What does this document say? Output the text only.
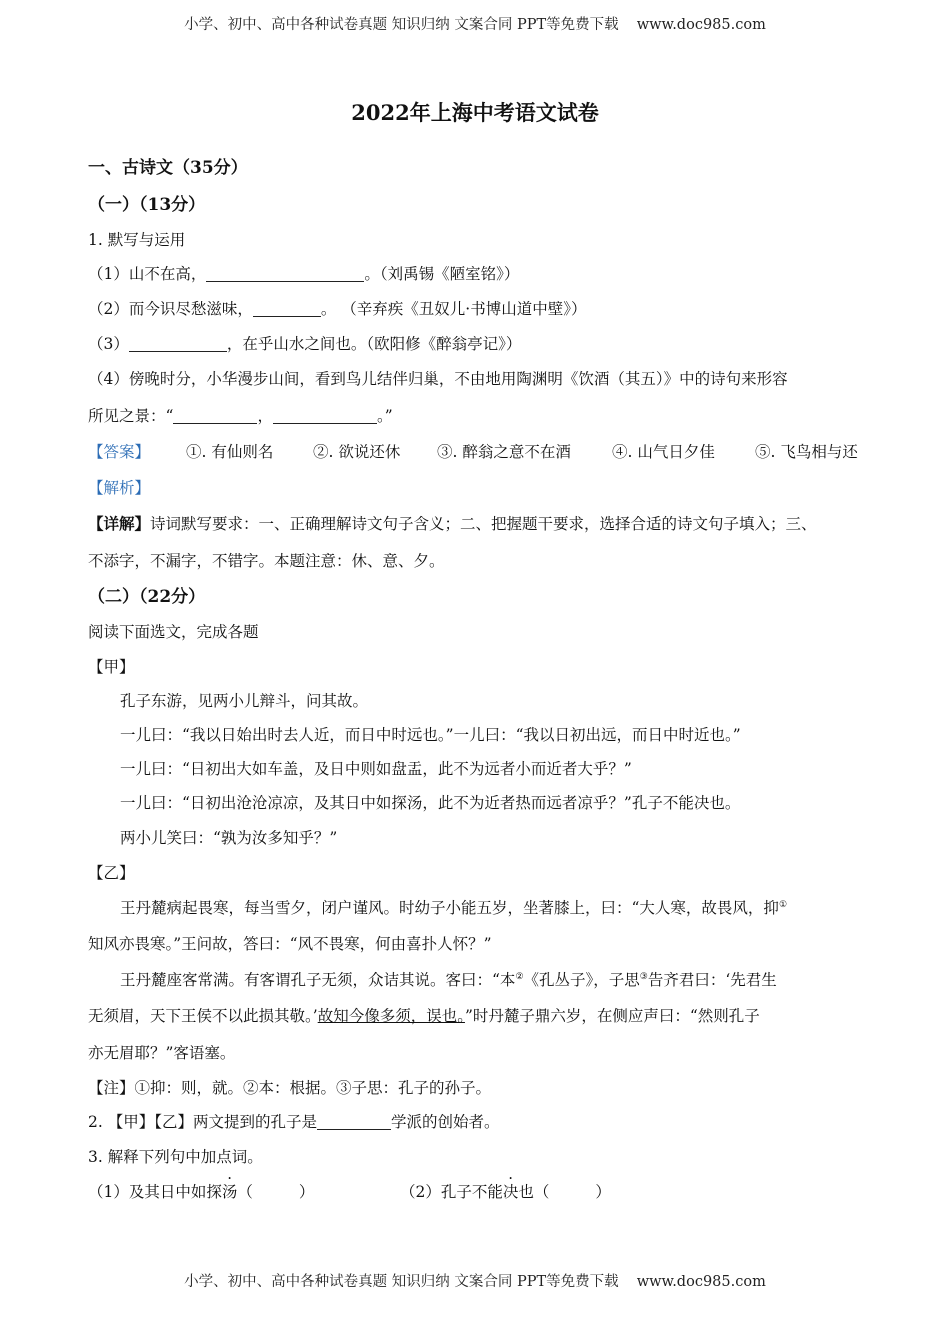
小学、初中、高中各种试卷真题 知识归纳 文案合同 PPT等免费下载 www.doc985.com
2022年上海中考语文试卷
一、古诗文（35分）
（一）（13分）
1. 默写与运用
（1）山不在高，	。（刘禹锡《陋室铭》）
（2）而今识尽愁滋味，	。 （辛弃疾《丑奴儿·书博山道中壁》）
（3）	，在乎山水之间也。（欧阳修《醉翁亭记》）
（4）傍晚时分，小华漫步山间，看到鸟儿结伴归巢，不由地用陶渊明《饮酒（其五）》中的诗句来形容
所见之景：“	，	。”
【答案】 ①. 有仙则名	②. 欲说还休 ③. 醉翁之意不在酒	④. 山气日夕佳	⑤. 飞鸟相与还
【解析】
【详解】诗词默写要求：一、正确理解诗文句子含义；二、把握题干要求，选择合适的诗文句子填入；三、
不添字，不漏字，不错字。本题注意：休、意、夕。
（二）（22分）
阅读下面选文，完成各题
【甲】
孔子东游，见两小儿辩斗，问其故。
一儿曰：“我以日始出时去人近，而日中时远也。”一儿曰：“我以日初出远，而日中时近也。”
一儿曰：“日初出大如车盖，及日中则如盘盂，此不为远者小而近者大乎？”
一儿曰：“日初出沧沧凉凉，及其日中如探汤，此不为近者热而远者凉乎？”孔子不能决也。
两小儿笑曰：“孰为汝多知乎？”
【乙】
王丹麓病起畏寒，每当雪夕，闭户谨风。时幼子小能五岁，坐著膝上，曰：“大人寒，故畏风，抑①
知风亦畏寒。”王问故，答曰：“风不畏寒，何由喜扑人怀？”
王丹麓座客常满。有客谓孔子无须，众诘其说。客曰：“本②《孔丛子》，子思③告齐君曰：‘先君生
无须眉，天下王侯不以此损其敬。’故知今像多须，误也。”时丹麓子鼎六岁，在侧应声曰：“然则孔子
亦无眉耶？”客语塞。
【注】①抑：则，就。②本：根据。③子思：孔子的孙子。
2. 【甲】【乙】两文提到的孔子是	学派的创始者。
3. 解释下列句中加点词。
（1）及其日中如探汤（	）	（2）孔子不能决也（	）
小学、初中、高中各种试卷真题 知识归纳 文案合同 PPT等免费下载 www.doc985.com
